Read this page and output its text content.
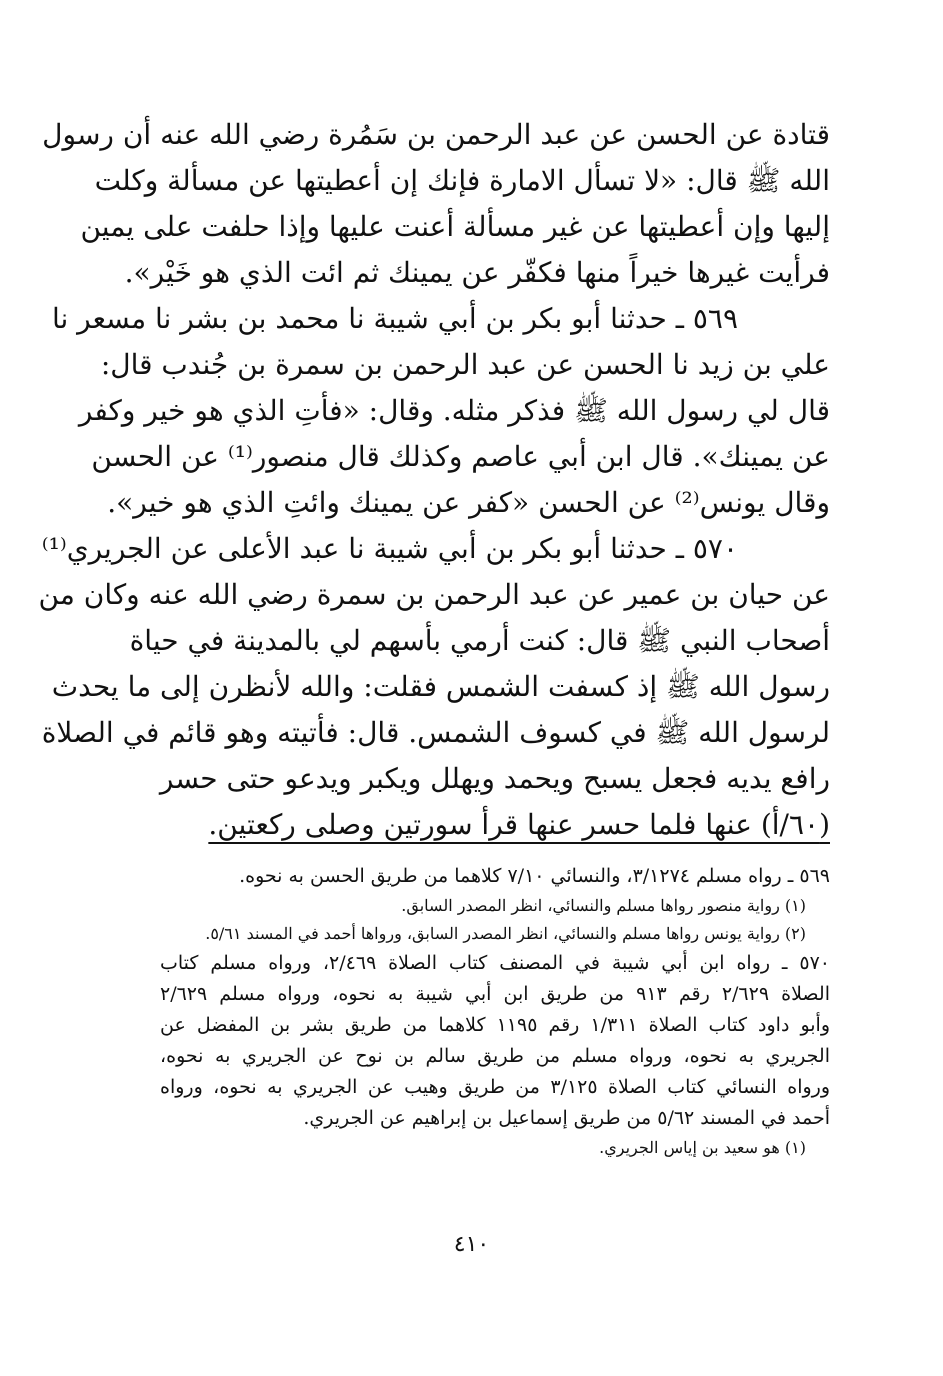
قتادة عن الحسن عن عبد الرحمن بن سَمُرة رضي الله عنه أن رسول
الله ﷺ قال: «لا تسأل الامارة فإنك إن أعطيتها عن مسألة وكلت
إليها وإن أعطيتها عن غير مسألة أعنت عليها وإذا حلفت على يمين
فرأيت غيرها خيراً منها فكفّر عن يمينك ثم ائت الذي هو خَيْر».
٥٦٩ ـ حدثنا أبو بكر بن أبي شيبة نا محمد بن بشر نا مسعر نا
علي بن زيد نا الحسن عن عبد الرحمن بن سمرة بن جُندب قال:
قال لي رسول الله ﷺ فذكر مثله. وقال: «فأتِ الذي هو خير وكفر
عن يمينك». قال ابن أبي عاصم وكذلك قال منصور⁽¹⁾ عن الحسن
وقال يونس⁽²⁾ عن الحسن «كفر عن يمينك وائتِ الذي هو خير».
٥٧٠ ـ حدثنا أبو بكر بن أبي شيبة نا عبد الأعلى عن الجريري⁽¹⁾
عن حيان بن عمير عن عبد الرحمن بن سمرة رضي الله عنه وكان من
أصحاب النبي ﷺ قال: كنت أرمي بأسهم لي بالمدينة في حياة
رسول الله ﷺ إذ كسفت الشمس فقلت: والله لأنظرن إلى ما يحدث
لرسول الله ﷺ في كسوف الشمس. قال: فأتيته وهو قائم في الصلاة
رافع يديه فجعل يسبح ويحمد ويهلل ويكبر ويدعو حتى حسر
(٦٠/أ) عنها فلما حسر عنها قرأ سورتين وصلى ركعتين.
٥٦٩ ـ رواه مسلم ٣/١٢٧٤، والنسائي ٧/١٠ كلاهما من طريق الحسن به نحوه.
(١) رواية منصور رواها مسلم والنسائي، انظر المصدر السابق.
(٢) رواية يونس رواها مسلم والنسائي، انظر المصدر السابق، ورواها أحمد في المسند ٥/٦١.
٥٧٠ ـ رواه ابن أبي شيبة في المصنف كتاب الصلاة ٢/٤٦٩، ورواه مسلم كتاب
الصلاة ٢/٦٢٩ رقم ٩١٣ من طريق ابن أبي شيبة به نحوه، ورواه مسلم ٢/٦٢٩
وأبو داود كتاب الصلاة ١/٣١١ رقم ١١٩٥ كلاهما من طريق بشر بن المفضل عن
الجريري به نحوه، ورواه مسلم من طريق سالم بن نوح عن الجريري به نحوه،
ورواه النسائي كتاب الصلاة ٣/١٢٥ من طريق وهيب عن الجريري به نحوه، ورواه
أحمد في المسند ٥/٦٢ من طريق إسماعيل بن إبراهيم عن الجريري.
(١) هو سعيد بن إياس الجريري.
٤١٠
